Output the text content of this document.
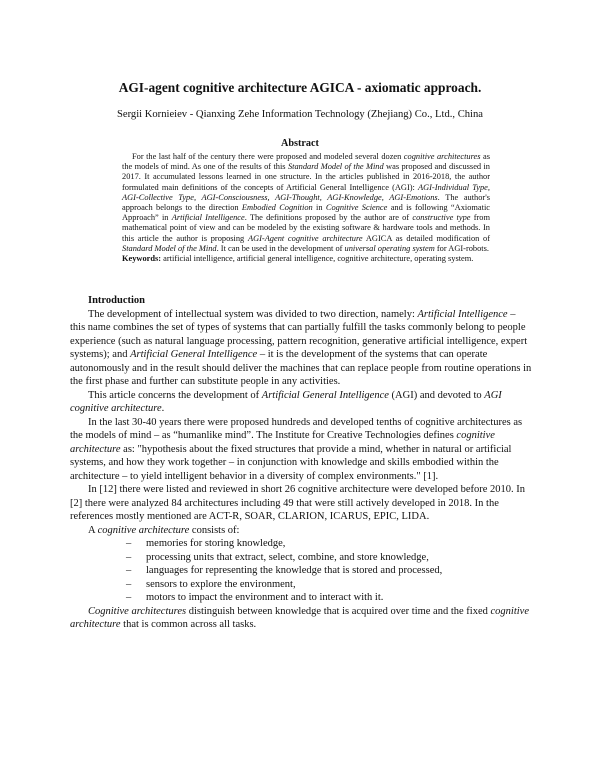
AGI-agent cognitive architecture AGICA - axiomatic approach.

Sergii Kornieiev - Qianxing Zehe Information Technology (Zhejiang) Co., Ltd., China

Abstract

For the last half of the century there were proposed and modeled several dozen cognitive architectures as the models of mind. As one of the results of this Standard Model of the Mind was proposed and discussed in 2017. It accumulated lessons learned in one structure. In the articles published in 2016-2018, the author formulated main definitions of the concepts of Artificial General Intelligence (AGI): AGI-Individual Type, AGI-Collective Type, AGI-Consciousness, AGI-Thought, AGI-Knowledge, AGI-Emotions. The author's approach belongs to the direction Embodied Cognition in Cognitive Science and is following “Axiomatic Approach” in Artificial Intelligence. The definitions proposed by the author are of constructive type from mathematical point of view and can be modeled by the existing software & hardware tools and methods. In this article the author is proposing AGI-Agent cognitive architecture AGICA as detailed modification of Standard Model of the Mind. It can be used in the development of universal operating system for AGI-robots.

Keywords: artificial intelligence, artificial general intelligence, cognitive architecture, operating system.

Introduction

The development of intellectual system was divided to two direction, namely: Artificial Intelligence – this name combines the set of types of systems that can partially fulfill the tasks commonly belong to people experience (such as natural language processing, pattern recognition, generative artificial intelligence, expert systems); and Artificial General Intelligence – it is the development of the systems that can operate autonomously and in the result should deliver the machines that can replace people from routine operations in the first phase and further can substitute people in any activities.

This article concerns the development of Artificial General Intelligence (AGI) and devoted to AGI cognitive architecture.

In the last 30-40 years there were proposed hundreds and developed tenths of cognitive architectures as the models of mind – as “humanlike mind”. The Institute for Creative Technologies defines cognitive architecture as: "hypothesis about the fixed structures that provide a mind, whether in natural or artificial systems, and how they work together – in conjunction with knowledge and skills embodied within the architecture – to yield intelligent behavior in a diversity of complex environments." [1].

In [12] there were listed and reviewed in short 26 cognitive architecture were developed before 2010. In [2] there were analyzed 84 architectures including 49 that were still actively developed in 2018. In the references mostly mentioned are ACT-R, SOAR, CLARION, ICARUS, EPIC, LIDA.

A cognitive architecture consists of:

– memories for storing knowledge,
– processing units that extract, select, combine, and store knowledge,
– languages for representing the knowledge that is stored and processed,
– sensors to explore the environment,
– motors to impact the environment and to interact with it.

Cognitive architectures distinguish between knowledge that is acquired over time and the fixed cognitive architecture that is common across all tasks.
